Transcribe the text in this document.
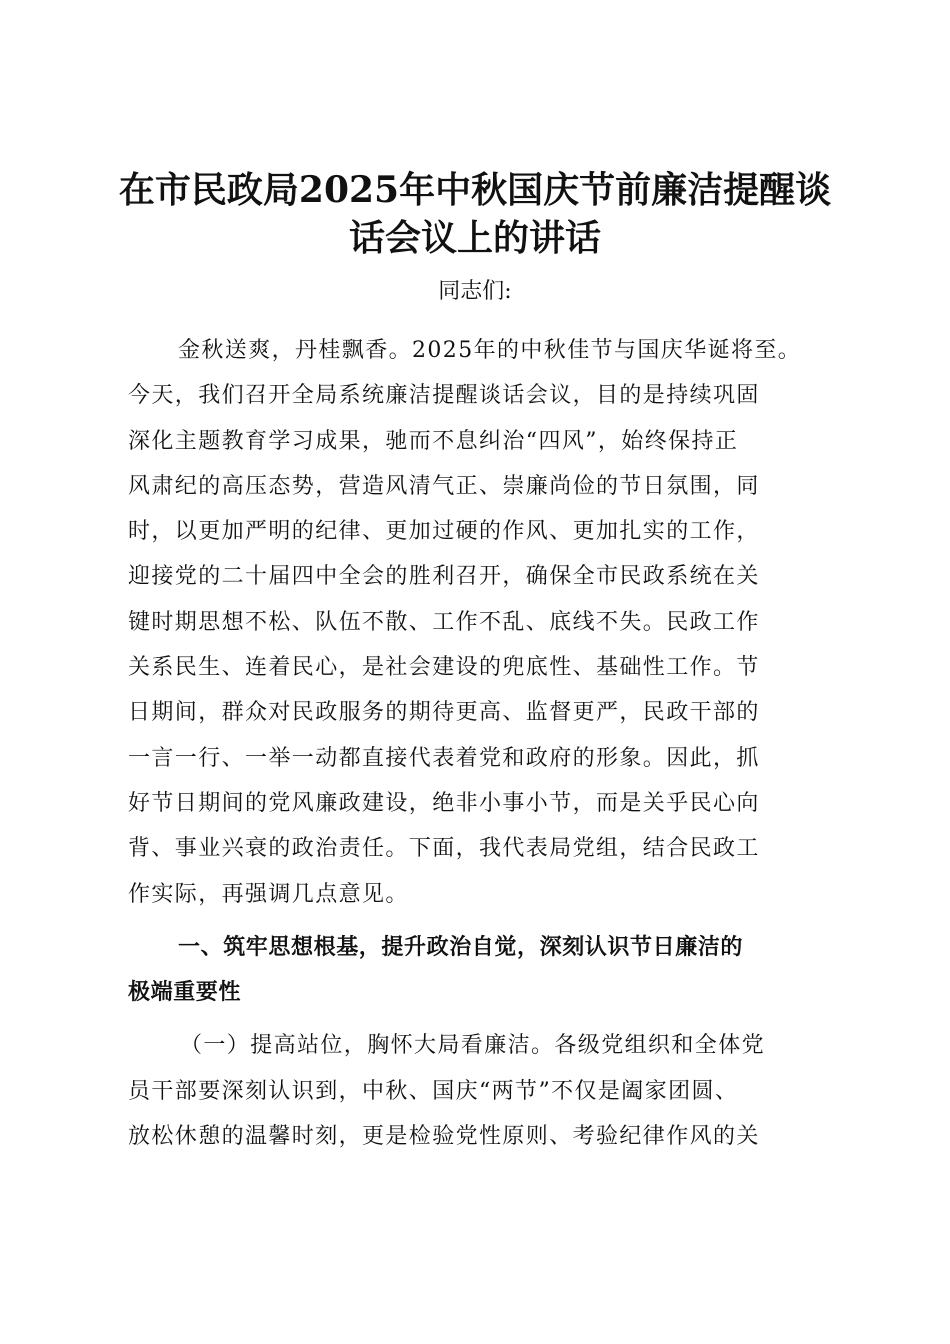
在市民政局2025年中秋国庆节前廉洁提醒谈
话会议上的讲话

同志们:

金秋送爽，丹桂飘香。2025年的中秋佳节与国庆华诞将至。
今天，我们召开全局系统廉洁提醒谈话会议，目的是持续巩固
深化主题教育学习成果，驰而不息纠治“四风”，始终保持正
风肃纪的高压态势，营造风清气正、崇廉尚俭的节日氛围，同
时，以更加严明的纪律、更加过硬的作风、更加扎实的工作，
迎接党的二十届四中全会的胜利召开，确保全市民政系统在关
键时期思想不松、队伍不散、工作不乱、底线不失。民政工作
关系民生、连着民心，是社会建设的兜底性、基础性工作。节
日期间，群众对民政服务的期待更高、监督更严，民政干部的
一言一行、一举一动都直接代表着党和政府的形象。因此，抓
好节日期间的党风廉政建设，绝非小事小节，而是关乎民心向
背、事业兴衰的政治责任。下面，我代表局党组，结合民政工
作实际，再强调几点意见。
一、筑牢思想根基，提升政治自觉，深刻认识节日廉洁的
极端重要性
（一）提高站位，胸怀大局看廉洁。各级党组织和全体党
员干部要深刻认识到，中秋、国庆“两节”不仅是阖家团圆、
放松休憩的温馨时刻，更是检验党性原则、考验纪律作风的关
